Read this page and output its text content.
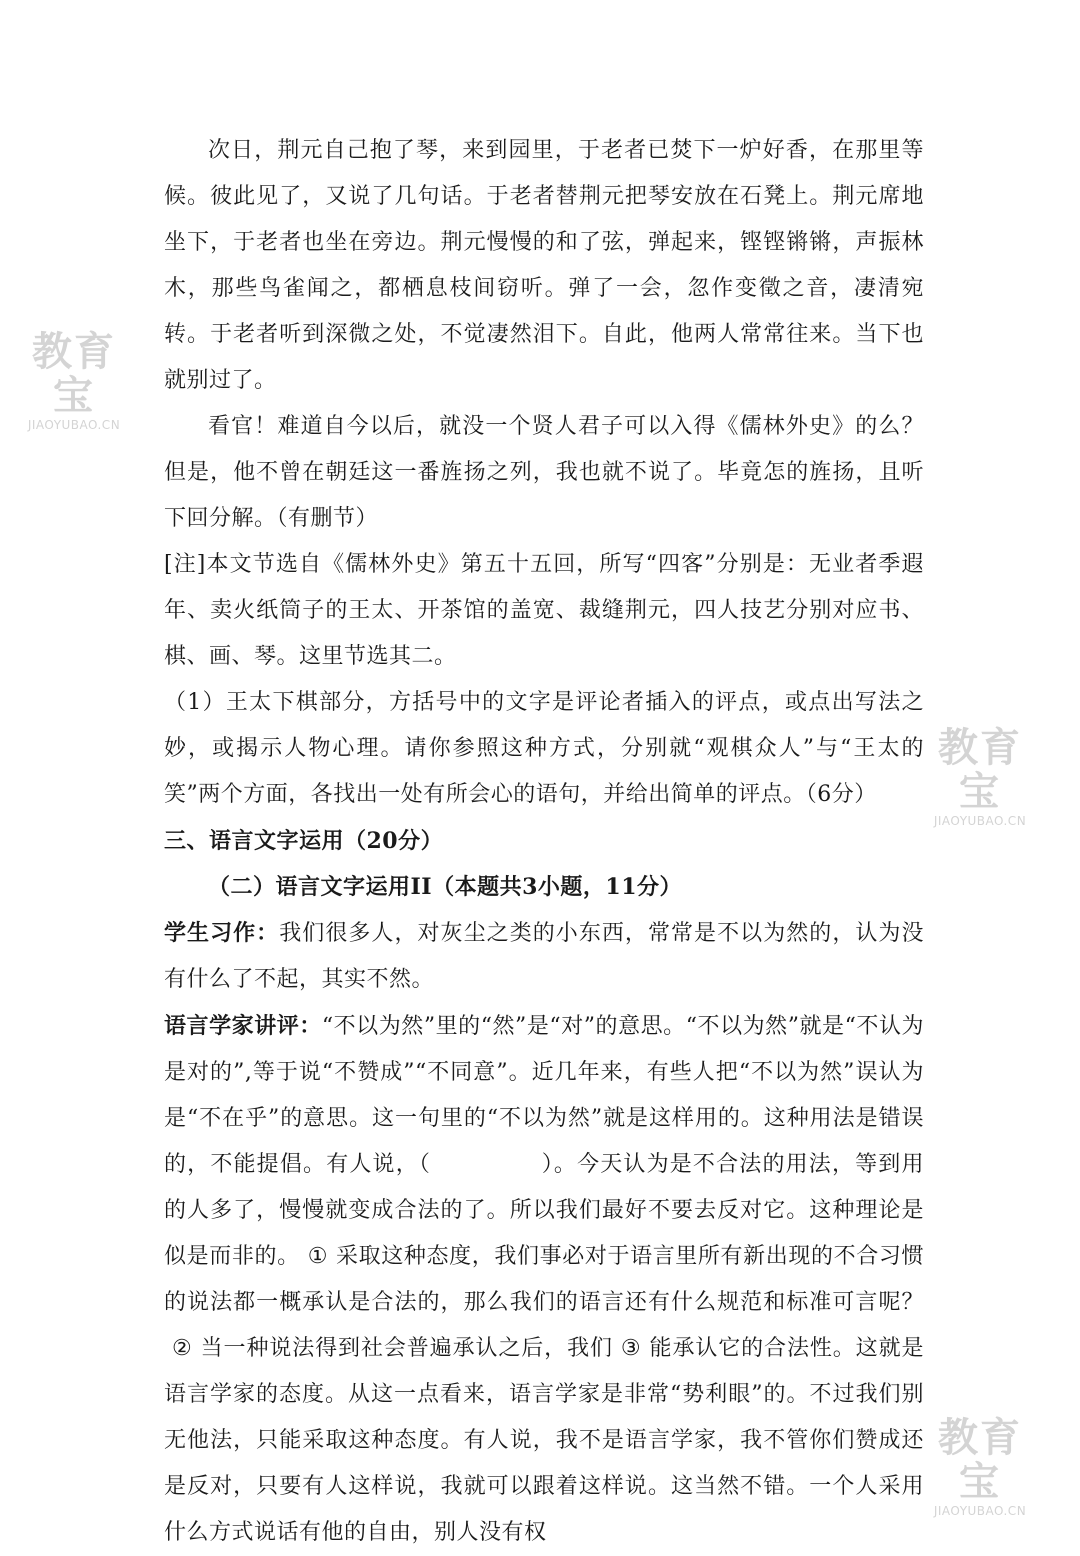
教育宝
JIAOYUBAO.CN
教育宝
JIAOYUBAO.CN
教育宝
JIAOYUBAO.CN

次日，荆元自己抱了琴，来到园里，于老者已焚下一炉好香，在那里等候。彼此见了，又说了几句话。于老者替荆元把琴安放在石凳上。荆元席地坐下，于老者也坐在旁边。荆元慢慢的和了弦，弹起来，铿铿锵锵，声振林木，那些鸟雀闻之，都栖息枝间窃听。弹了一会，忽作变徵之音，凄清宛转。于老者听到深微之处，不觉凄然泪下。自此，他两人常常往来。当下也就别过了。

看官！难道自今以后，就没一个贤人君子可以入得《儒林外史》的么？但是，他不曾在朝廷这一番旌扬之列，我也就不说了。毕竟怎的旌扬，且听下回分解。（有删节）

[注]本文节选自《儒林外史》第五十五回，所写“四客”分别是：无业者季遐年、卖火纸筒子的王太、开茶馆的盖宽、裁缝荆元，四人技艺分别对应书、棋、画、琴。这里节选其二。

（1）王太下棋部分，方括号中的文字是评论者插入的评点，或点出写法之妙，或揭示人物心理。请你参照这种方式，分别就“观棋众人”与“王太的笑”两个方面，各找出一处有所会心的语句，并给出简单的评点。（6分）

三、语言文字运用（20分）

（二）语言文字运用II（本题共3小题，11分）

学生习作：我们很多人，对灰尘之类的小东西，常常是不以为然的，认为没有什么了不起，其实不然。

语言学家讲评：“不以为然”里的“然”是“对”的意思。“不以为然”就是“不认为是对的”,等于说“不赞成”“不同意”。近几年来，有些人把“不以为然”误认为是“不在乎”的意思。这一句里的“不以为然”就是这样用的。这种用法是错误的，不能提倡。有人说，（	）。今天认为是不合法的用法，等到用的人多了，慢慢就变成合法的了。所以我们最好不要去反对它。这种理论是似是而非的。 ① 采取这种态度，我们事必对于语言里所有新出现的不合习惯的说法都一概承认是合法的，那么我们的语言还有什么规范和标准可言呢？② 当一种说法得到社会普遍承认之后，我们 ③ 能承认它的合法性。这就是语言学家的态度。从这一点看来，语言学家是非常“势利眼”的。不过我们别无他法，只能采取这种态度。有人说，我不是语言学家，我不管你们赞成还是反对，只要有人这样说，我就可以跟着这样说。这当然不错。一个人采用什么方式说话有他的自由，别人没有权
